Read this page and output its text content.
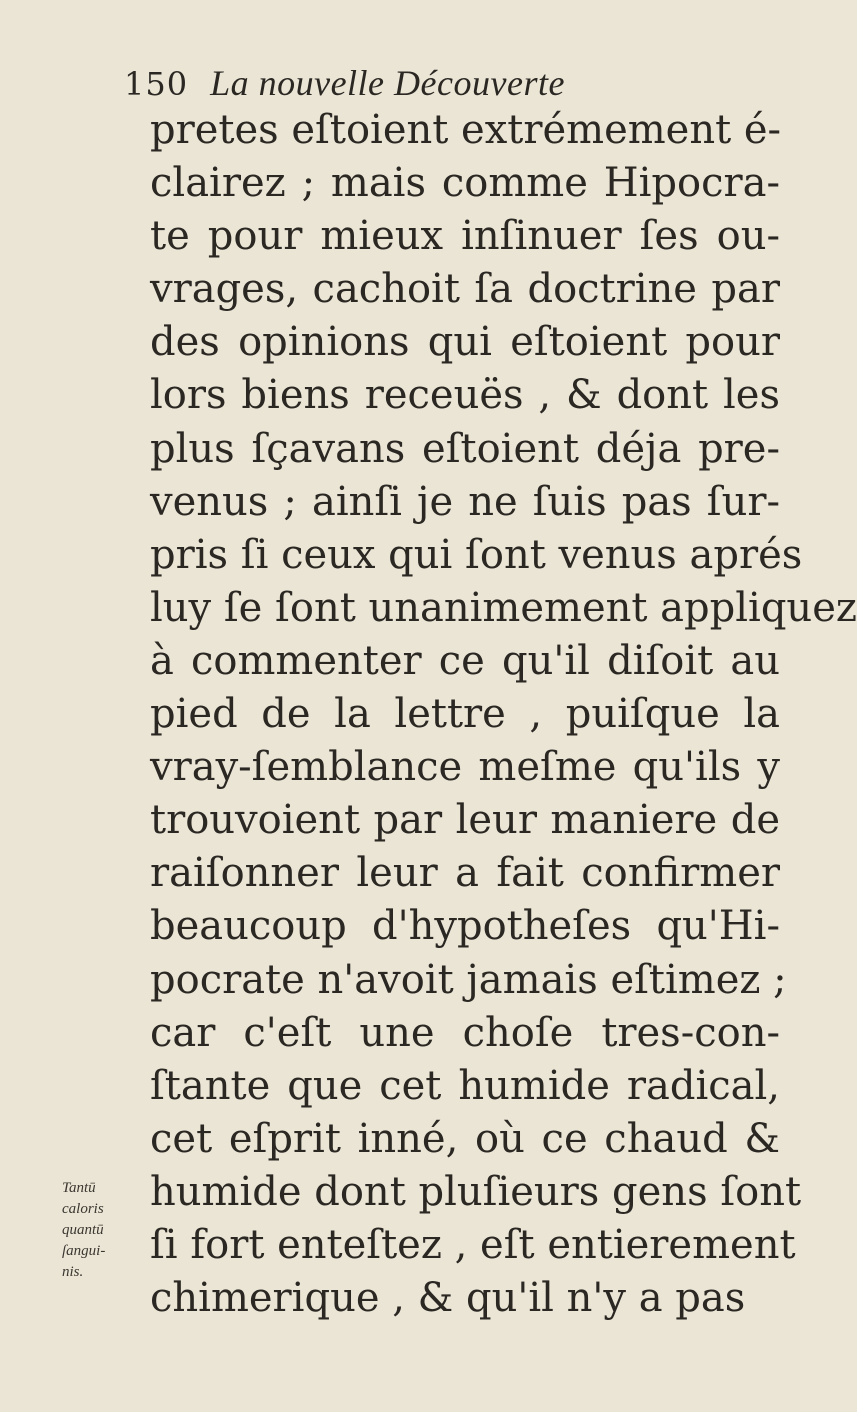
150 La nouvelle Découverte
pretes eſtoient extrémement é-
clairez ; mais comme Hipocra-
te pour mieux inſinuer ſes ou-
vrages, cachoit ſa doctrine par
des opinions qui eſtoient pour
lors biens receuës , & dont les
plus ſçavans eſtoient déja pre-
venus ; ainſi je ne ſuis pas ſur-
pris ſi ceux qui ſont venus aprés
luy ſe ſont unanimement appliquez
à commenter ce qu'il diſoit au
pied de la lettre , puiſque la
vray-ſemblance meſme qu'ils y
trouvoient par leur maniere de
raiſonner leur a fait confirmer
beaucoup d'hypotheſes qu'Hi-
pocrate n'avoit jamais eſtimez ;
car c'eſt une choſe tres-con-
ſtante que cet humide radical,
cet eſprit inné, où ce chaud &
humide dont pluſieurs gens ſont
ſi fort enteſtez , eſt entierement
chimerique , & qu'il n'y a pas
Tantū
caloris
quantū
ſangui-
nis.
